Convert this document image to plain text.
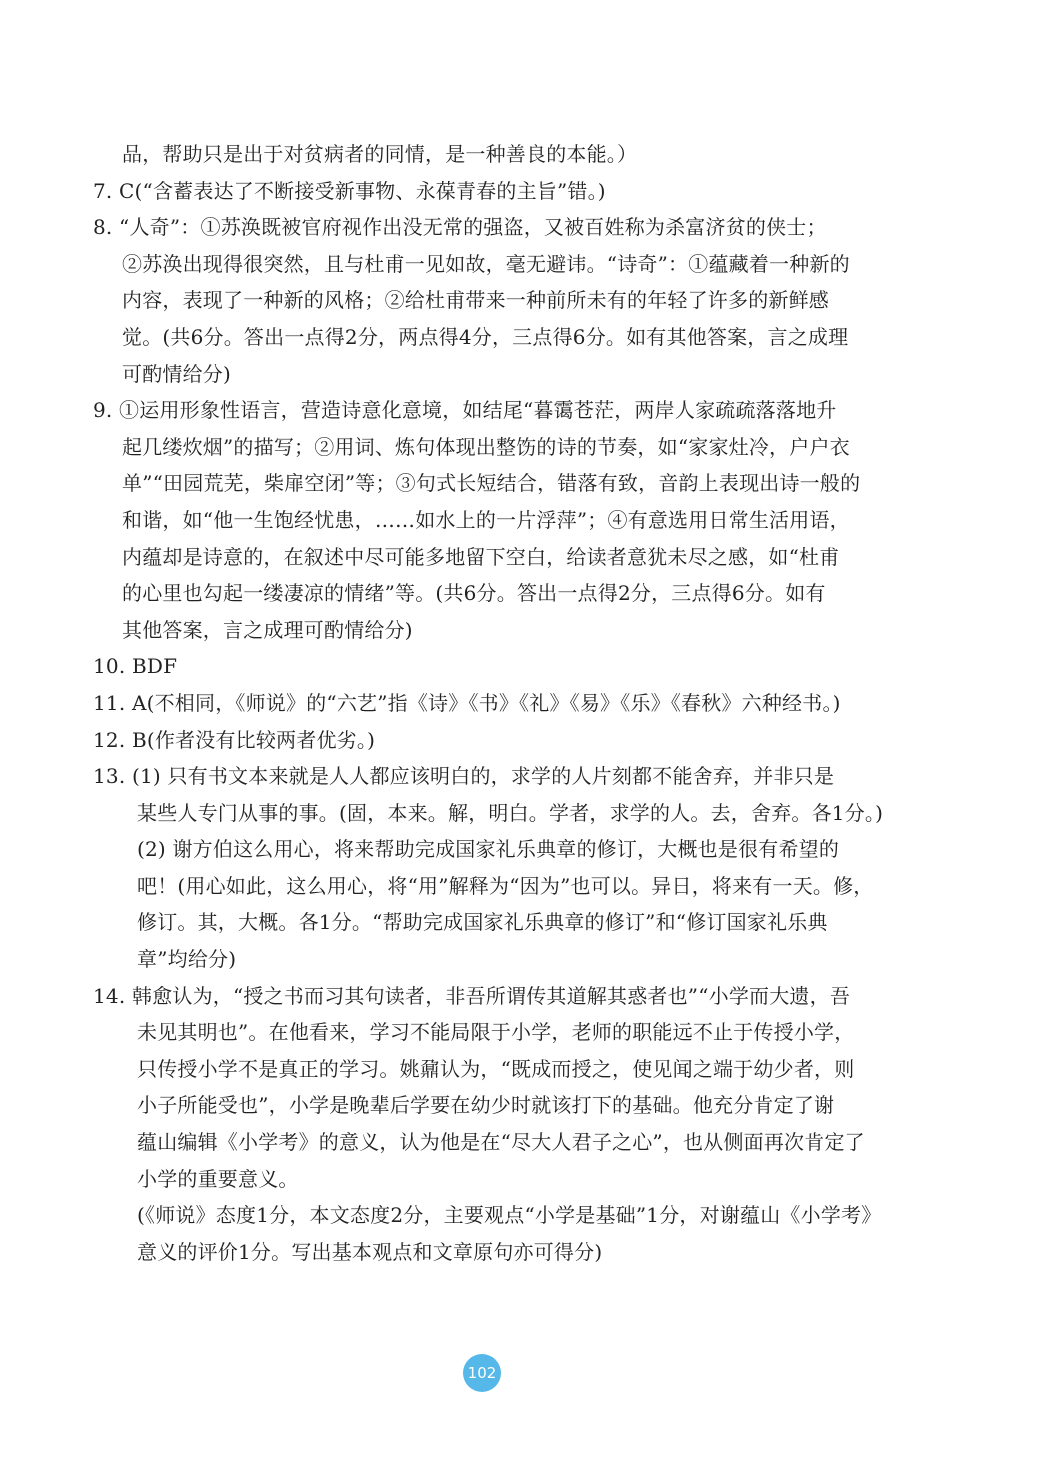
品，帮助只是出于对贫病者的同情，是一种善良的本能。）
7. C(“含蓄表达了不断接受新事物、永葆青春的主旨”错。)
8. “人奇”：①苏涣既被官府视作出没无常的强盗，又被百姓称为杀富济贫的侠士；
②苏涣出现得很突然，且与杜甫一见如故，毫无避讳。“诗奇”：①蕴藏着一种新的
内容，表现了一种新的风格；②给杜甫带来一种前所未有的年轻了许多的新鲜感
觉。(共6分。答出一点得2分，两点得4分，三点得6分。如有其他答案，言之成理
可酌情给分)
9. ①运用形象性语言，营造诗意化意境，如结尾“暮霭苍茫，两岸人家疏疏落落地升
起几缕炊烟”的描写；②用词、炼句体现出整饬的诗的节奏，如“家家灶冷，户户衣
单”“田园荒芜，柴扉空闭”等；③句式长短结合，错落有致，音韵上表现出诗一般的
和谐，如“他一生饱经忧患，……如水上的一片浮萍”；④有意选用日常生活用语，
内蕴却是诗意的，在叙述中尽可能多地留下空白，给读者意犹未尽之感，如“杜甫
的心里也勾起一缕凄凉的情绪”等。(共6分。答出一点得2分，三点得6分。如有
其他答案，言之成理可酌情给分)
10. BDF
11. A(不相同，《师说》的“六艺”指《诗》《书》《礼》《易》《乐》《春秋》六种经书。)
12. B(作者没有比较两者优劣。)
13. (1) 只有书文本来就是人人都应该明白的，求学的人片刻都不能舍弃，并非只是
某些人专门从事的事。(固，本来。解，明白。学者，求学的人。去，舍弃。各1分。)
(2) 谢方伯这么用心，将来帮助完成国家礼乐典章的修订，大概也是很有希望的
吧！(用心如此，这么用心，将“用”解释为“因为”也可以。异日，将来有一天。修，
修订。其，大概。各1分。“帮助完成国家礼乐典章的修订”和“修订国家礼乐典
章”均给分)
14. 韩愈认为，“授之书而习其句读者，非吾所谓传其道解其惑者也”“小学而大遗，吾
未见其明也”。在他看来，学习不能局限于小学，老师的职能远不止于传授小学，
只传授小学不是真正的学习。姚鼐认为，“既成而授之，使见闻之端于幼少者，则
小子所能受也”，小学是晚辈后学要在幼少时就该打下的基础。他充分肯定了谢
蕴山编辑《小学考》的意义，认为他是在“尽大人君子之心”，也从侧面再次肯定了
小学的重要意义。
(《师说》态度1分，本文态度2分，主要观点“小学是基础”1分，对谢蕴山《小学考》
意义的评价1分。写出基本观点和文章原句亦可得分)
102
